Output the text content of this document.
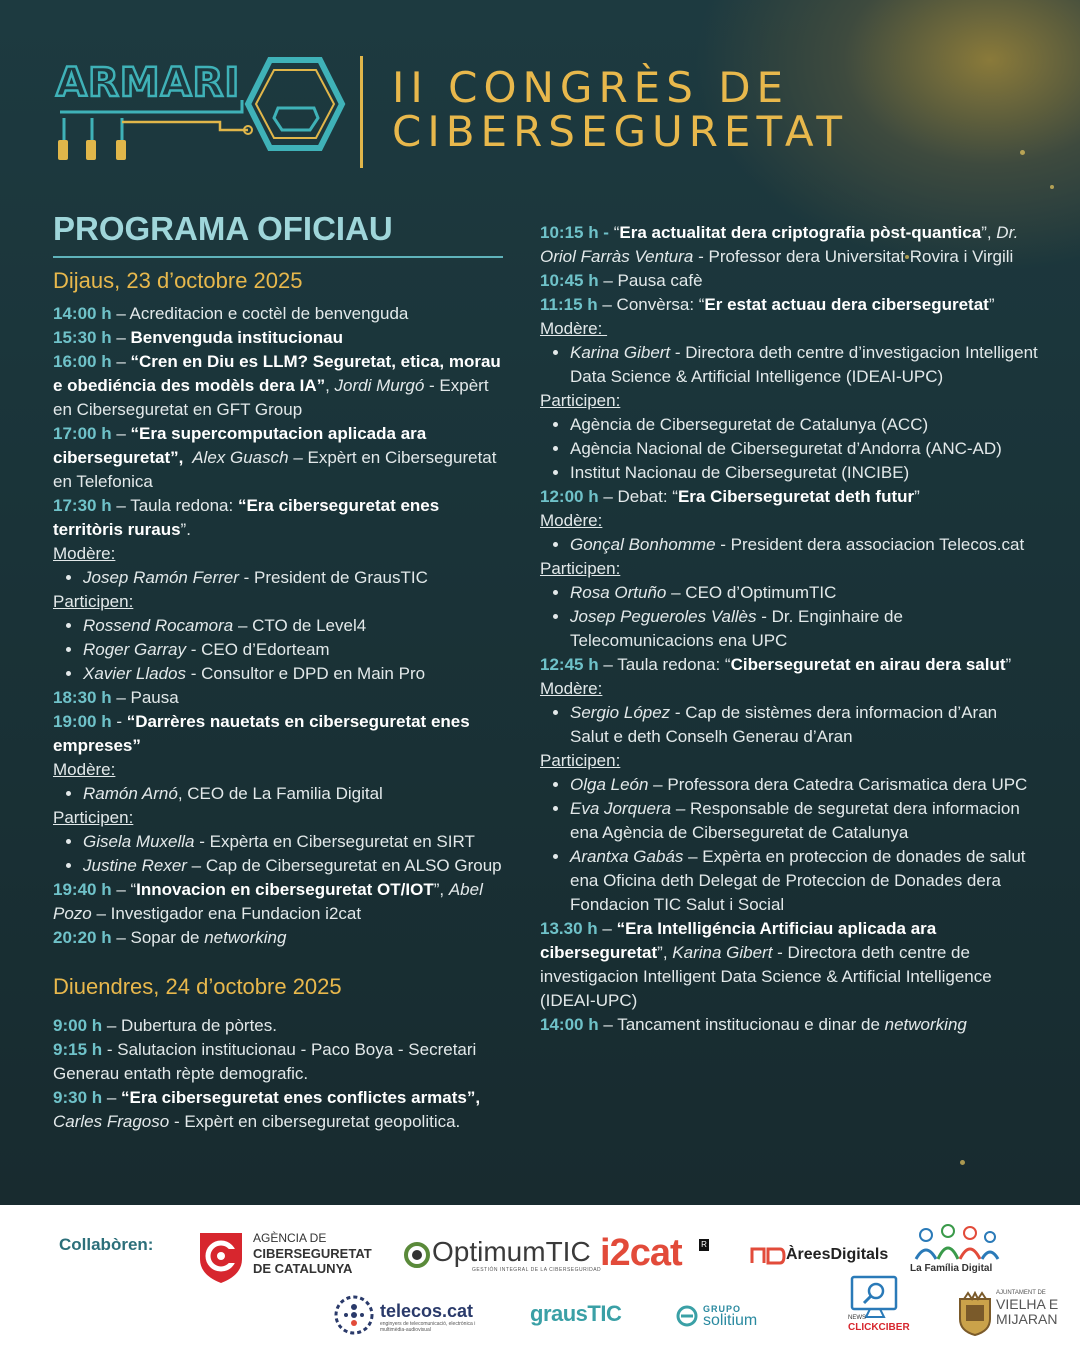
ARMARI	II CONGRÈS DE
CIBERSEGURETAT
PROGRAMA OFICIAU
Dijaus, 23 d’octobre 2025

14:00 h – Acreditacion e coctèl de benvenguda

15:30 h – Benvenguda institucionau

16:00 h – “Cren en Diu es LLM? Seguretat, etica, morau e obediéncia des modèls dera IA”, Jordi Murgó - Expèrt en Ciberseguretat en GFT Group

17:00 h – “Era supercomputacion aplicada ara ciberseguretat”,  Alex Guasch – Expèrt en Ciberseguretat en Telefonica

17:30 h – Taula redona: “Era ciberseguretat enes territòris ruraus”.

Modère:

• Josep Ramón Ferrer - President de GrausTIC

Participen:

• Rossend Rocamora – CTO de Level4
• Roger Garray - CEO d’Edorteam
• Xavier Llados - Consultor e DPD en Main Pro

18:30 h – Pausa

19:00 h - “Darrères nauetats en ciberseguretat enes empreses”

Modère:

• Ramón Arnó, CEO de La Familia Digital

Participen:

• Gisela Muxella - Expèrta en Ciberseguretat en SIRT
• Justine Rexer – Cap de Ciberseguretat en ALSO Group

19:40 h – “Innovacion en ciberseguretat OT/IOT”, Abel Pozo – Investigador ena Fundacion i2cat

20:20 h – Sopar de networking

Diuendres, 24 d’octobre 2025

9:00 h – Dubertura de pòrtes.

9:15 h - Salutacion institucionau - Paco Boya - Secretari Generau entath rèpte demografic.

9:30 h – “Era ciberseguretat enes conflictes armats”, Carles Fragoso - Expèrt en ciberseguretat geopolitica.

10:15 h - “Era actualitat dera criptografia pòst-quantica”, Dr. Oriol Farràs Ventura - Professor dera Universitat Rovira i Virgili

10:45 h – Pausa cafè

11:15 h – Convèrsa: “Er estat actuau dera ciberseguretat”

Modère:

• Karina Gibert - Directora deth centre d’investigacion Intelligent Data Science & Artificial Intelligence (IDEAI-UPC)

Participen:

• Agència de Ciberseguretat de Catalunya (ACC)
• Agència Nacional de Ciberseguretat d’Andorra (ANC-AD)
• Institut Nacionau de Ciberseguretat (INCIBE)

12:00 h – Debat: “Era Ciberseguretat deth futur”

Modère:

• Gonçal Bonhomme - President dera associacion Telecos.cat

Participen:

• Rosa Ortuño – CEO d’OptimumTIC
• Josep Pegueroles Vallès - Dr. Enginhaire de Telecomunicacions ena UPC

12:45 h – Taula redona: “Ciberseguretat en airau dera salut”

Modère:

• Sergio López - Cap de sistèmes dera informacion d’Aran Salut e deth Conselh Generau d’Aran

Participen:

• Olga León – Professora dera Catedra Carismatica dera UPC
• Eva Jorquera – Responsable de seguretat dera informacion ena Agència de Ciberseguretat de Catalunya
• Arantxa Gabás – Expèrta en proteccion de donades de salut ena Oficina deth Delegat de Proteccion de Donades dera Fondacion TIC Salut i Social

13.30 h – “Era Intelligéncia Artificiau aplicada ara ciberseguretat”, Karina Gibert - Directora deth centre de investigacion Intelligent Data Science & Artificial Intelligence (IDEAI-UPC)

14:00 h – Tancament institucionau e dinar de networking

Collabòren:	AGÈNCIA DE
CIBERSEGURETAT
DE CATALUNYA
OptimumTIC
GESTIÓN INTEGRAL DE LA CIBERSEGURIDAD
i2cat R
ÀreesDigitals
La Família Digital
telecos.cat
enginyers de telecomunicació, electrònica i multimèdia-audiovisual
grausTIC	GRUPO
solitium	NEWS
CLICKCIBER
AJUNTAMENT DE
VIELHA E
MIJARAN
